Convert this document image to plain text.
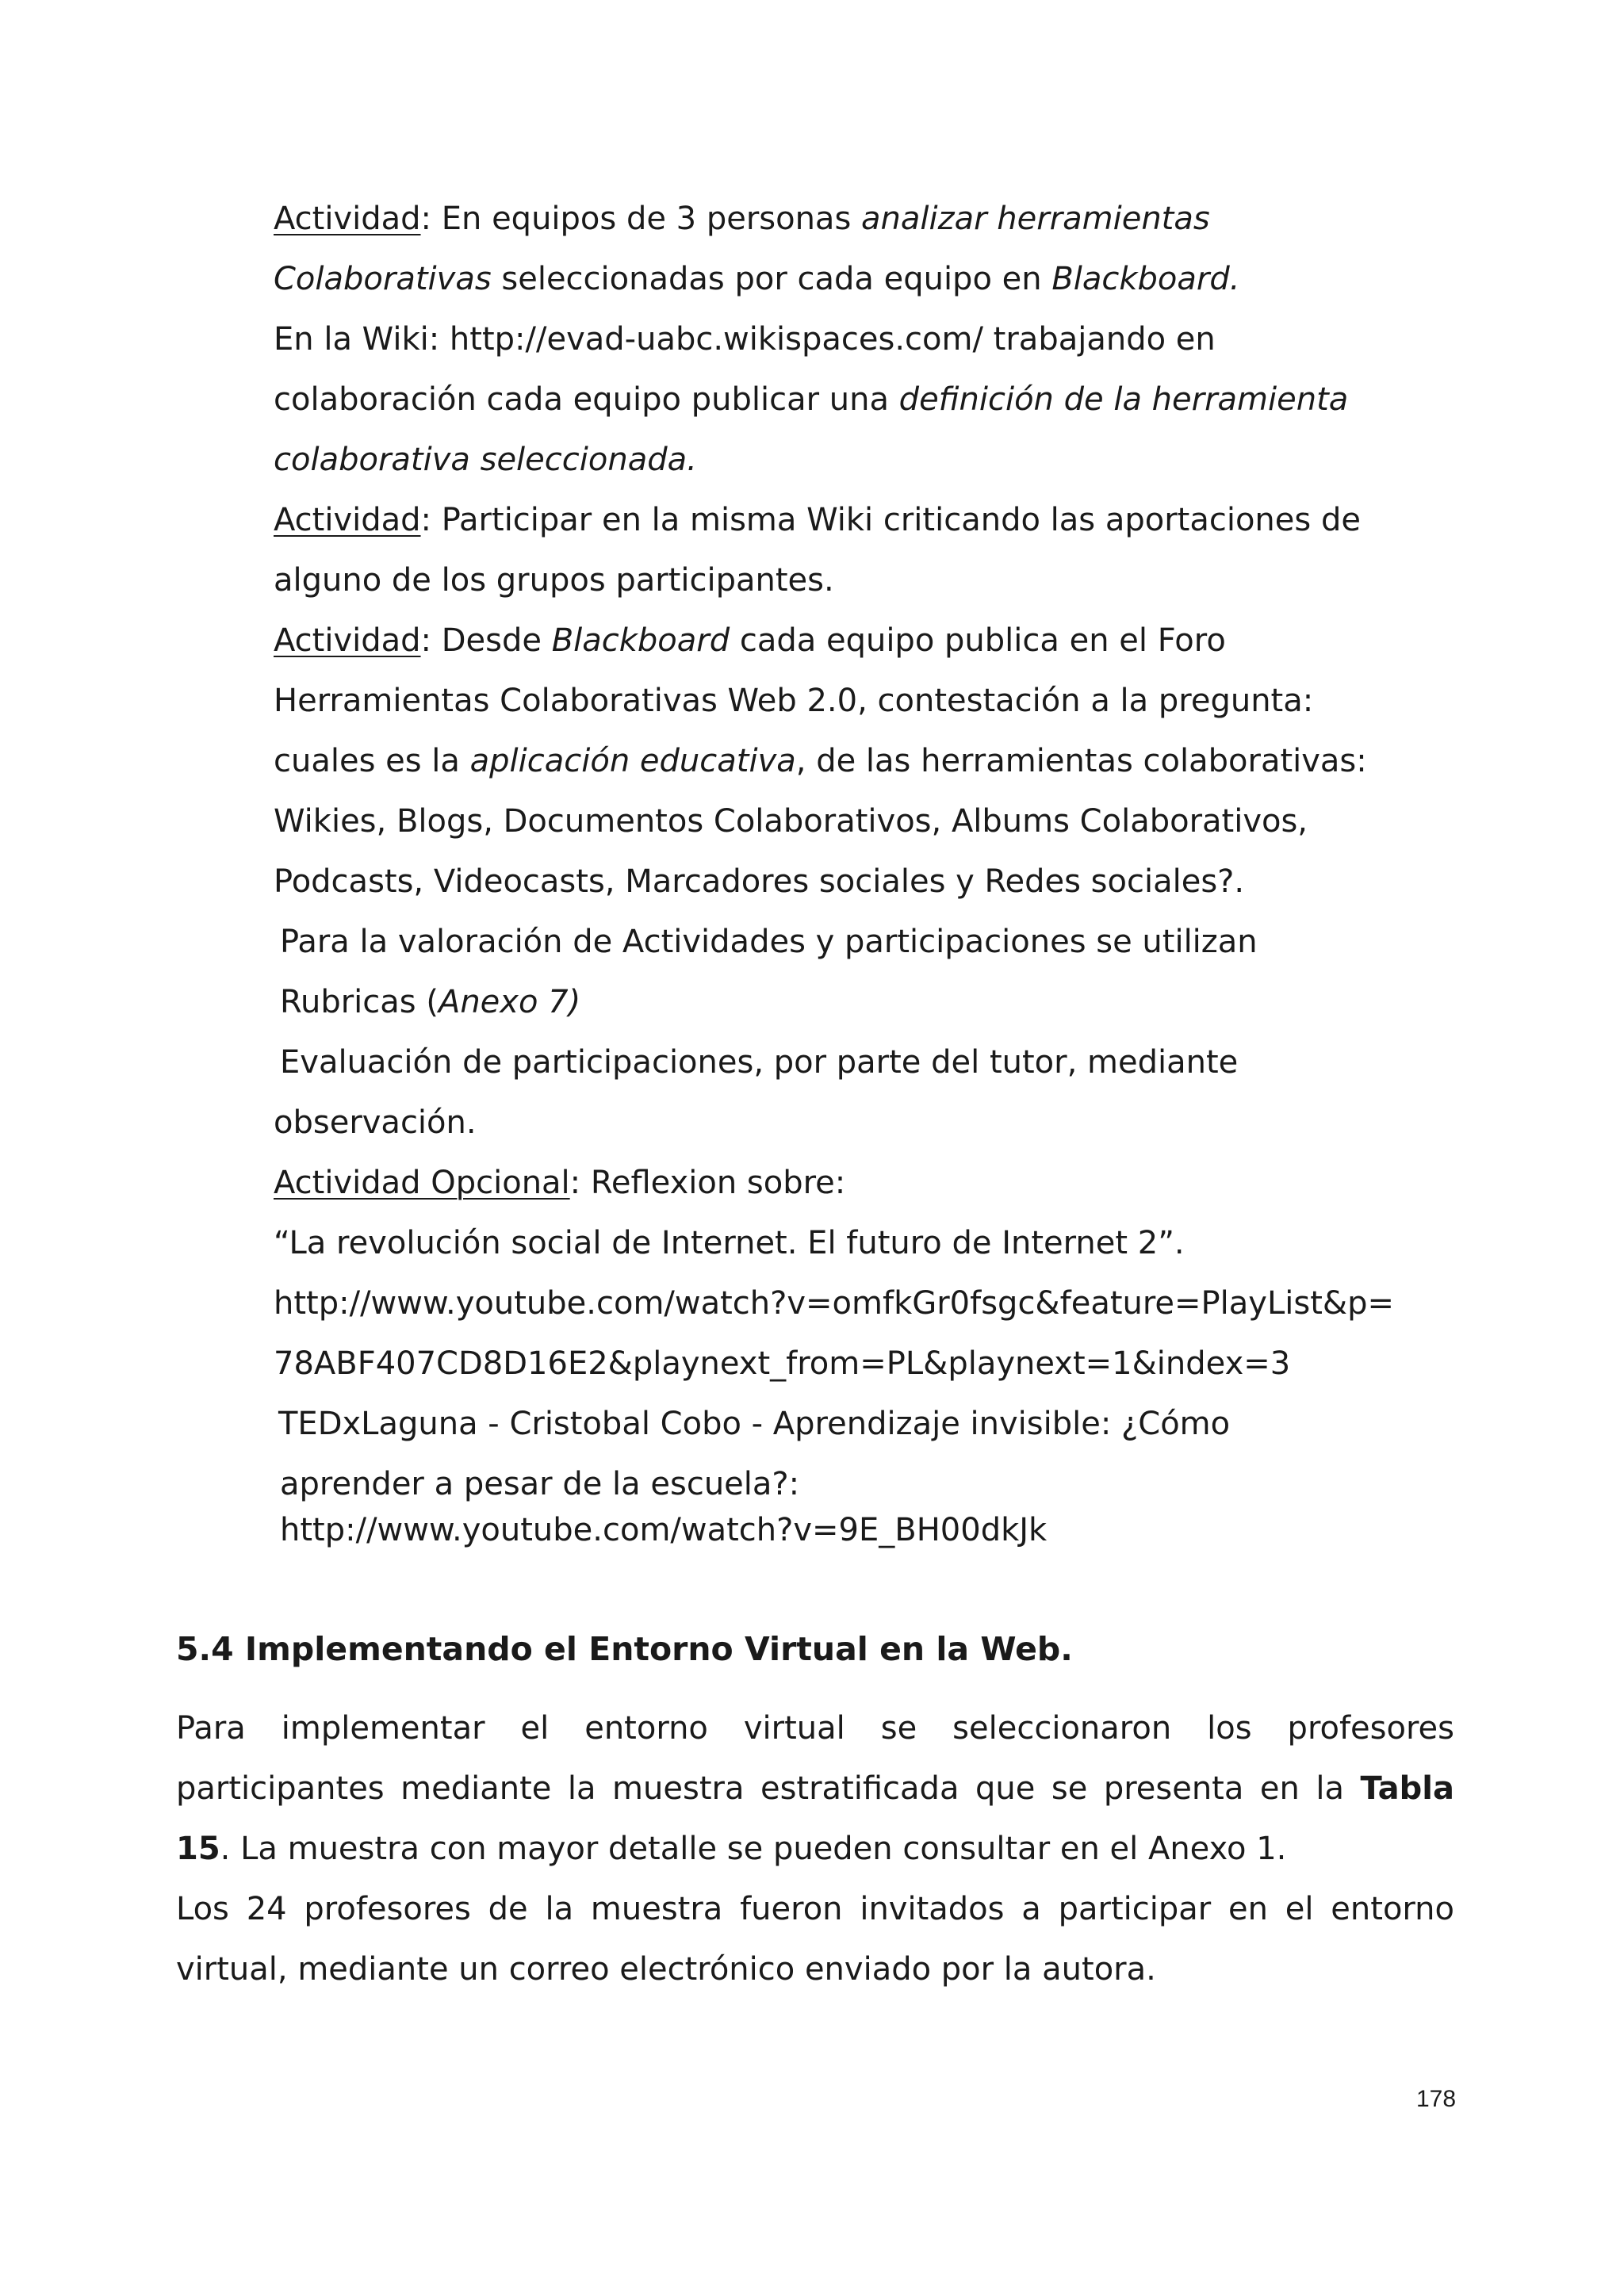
Actividad: En equipos de 3 personas analizar herramientas
Colaborativas seleccionadas por cada equipo en Blackboard.
En la Wiki: http://evad-uabc.wikispaces.com/ trabajando en
colaboración cada equipo publicar una definición de la herramienta
colaborativa seleccionada.
Actividad: Participar en la misma Wiki criticando las aportaciones de
alguno de los grupos participantes.
Actividad: Desde Blackboard cada equipo publica en el Foro
Herramientas Colaborativas Web 2.0, contestación a la pregunta:
cuales es la aplicación educativa, de las herramientas colaborativas:
Wikies, Blogs, Documentos Colaborativos, Albums Colaborativos,
Podcasts, Videocasts, Marcadores sociales y Redes sociales?.
Para la valoración de Actividades y participaciones se utilizan
Rubricas (Anexo 7)
Evaluación de participaciones, por parte del tutor, mediante
observación.
Actividad Opcional: Reflexion sobre:
“La revolución social de Internet. El futuro de Internet 2”.
http://www.youtube.com/watch?v=omfkGr0fsgc&feature=PlayList&p=
78ABF407CD8D16E2&playnext_from=PL&playnext=1&index=3
TEDxLaguna - Cristobal Cobo - Aprendizaje invisible: ¿Cómo
aprender a pesar de la escuela?:
http://www.youtube.com/watch?v=9E_BH00dkJk
5.4 Implementando el Entorno Virtual en la Web.
Para implementar el entorno virtual se seleccionaron los profesores
participantes mediante la muestra estratificada que se presenta en la Tabla
15. La muestra con mayor detalle se pueden consultar en el Anexo 1.
Los 24 profesores de la muestra fueron invitados a participar en el entorno
virtual, mediante un correo electrónico enviado por la autora.
178
